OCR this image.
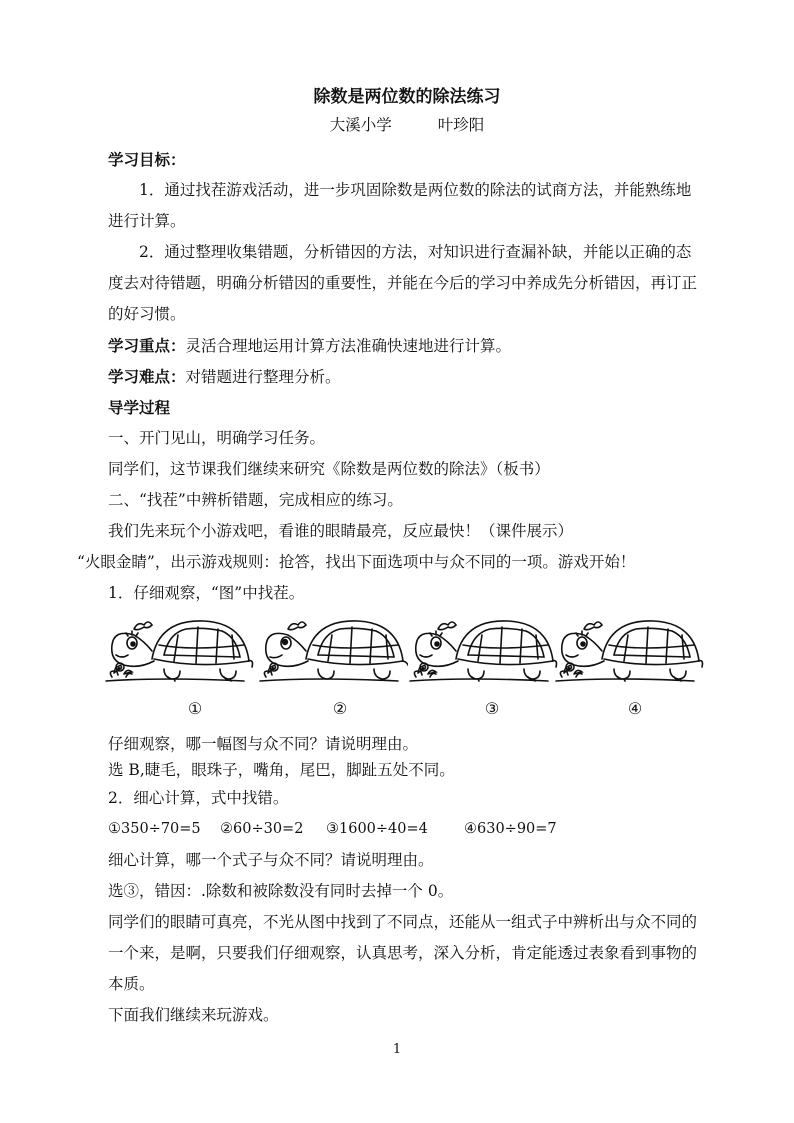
除数是两位数的除法练习
大溪小学	叶珍阳
学习目标：

1．通过找茬游戏活动，进一步巩固除数是两位数的除法的试商方法，并能熟练地进行计算。

2．通过整理收集错题，分析错因的方法，对知识进行查漏补缺，并能以正确的态度去对待错题，明确分析错因的重要性，并能在今后的学习中养成先分析错因，再订正的好习惯。

学习重点：灵活合理地运用计算方法准确快速地进行计算。
学习难点：对错题进行整理分析。
导学过程
一、开门见山，明确学习任务。
同学们，这节课我们继续来研究《除数是两位数的除法》（板书）
二、“找茬”中辨析错题，完成相应的练习。
我们先来玩个小游戏吧，看谁的眼睛最亮，反应最快！（课件展示）
“火眼金睛”，出示游戏规则：抢答，找出下面选项中与众不同的一项。游戏开始！
1．仔细观察，“图”中找茬。
①	②	③	④
仔细观察，哪一幅图与众不同？请说明理由。
选 B,睫毛，眼珠子，嘴角，尾巴，脚趾五处不同。
2．细心计算，式中找错。
①350÷70=5 ②60÷30=2 ③1600÷40=4 ④630÷90=7
细心计算，哪一个式子与众不同？请说明理由。
选③，错因：.除数和被除数没有同时去掉一个 0。

同学们的眼睛可真亮，不光从图中找到了不同点，还能从一组式子中辨析出与众不同的一个来，是啊，只要我们仔细观察，认真思考，深入分析，肯定能透过表象看到事物的本质。

下面我们继续来玩游戏。
1
